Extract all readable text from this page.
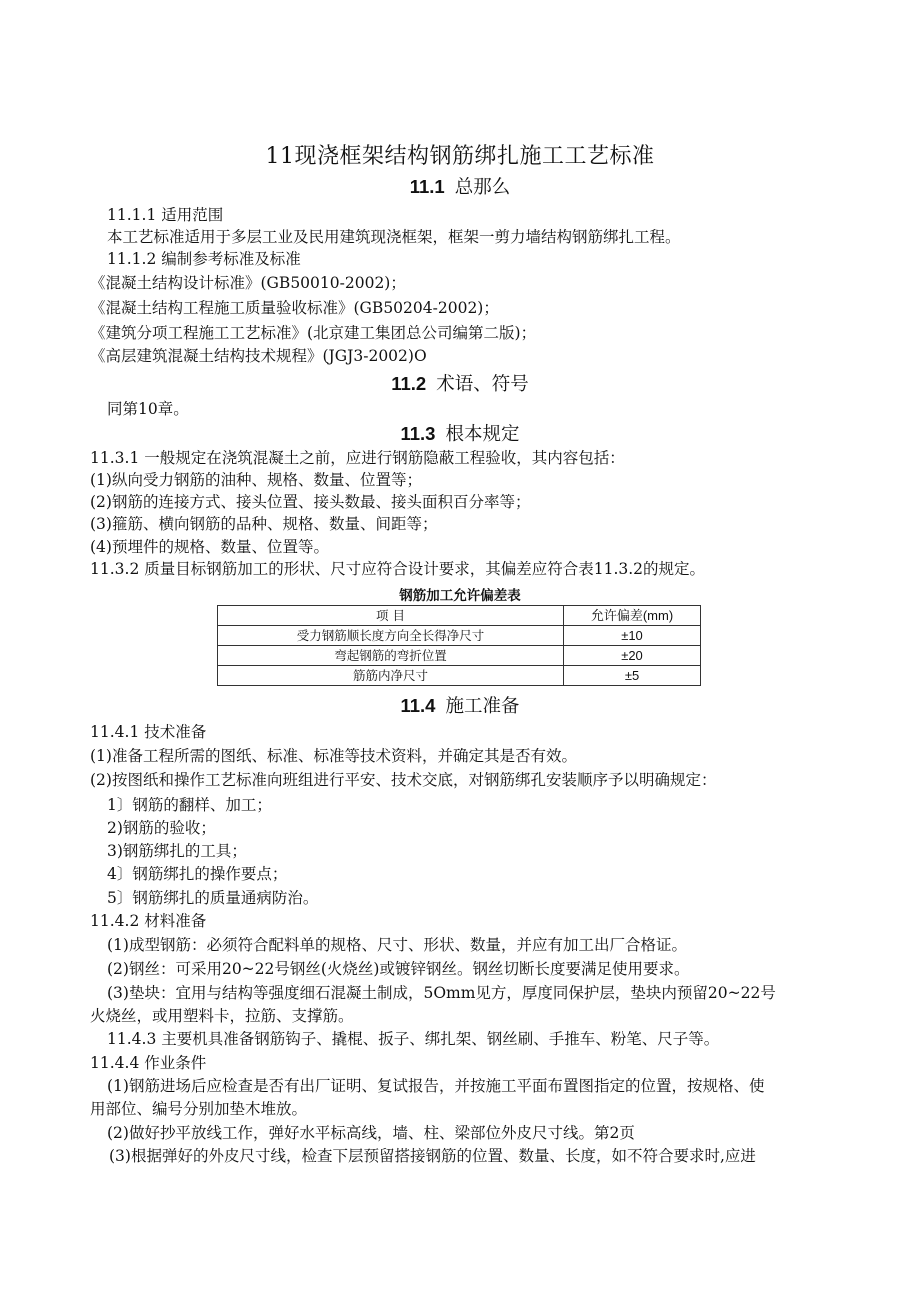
11现浇框架结构钢筋绑扎施工工艺标准
11.1 总那么
11.1.1 适用范围
本工艺标准适用于多层工业及民用建筑现浇框架，框架一剪力墙结构钢筋绑扎工程。
11.1.2 编制参考标准及标准
《混凝土结构设计标准》(GB50010-2002)；
《混凝土结构工程施工质量验收标准》(GB50204-2002)；
《建筑分项工程施工工艺标准》(北京建工集团总公司编第二版)；
《高层建筑混凝土结构技术规程》(JGJ3-2002)O
11.2 术语、符号
同第10章。
11.3 根本规定
11.3.1 一般规定在浇筑混凝土之前，应进行钢筋隐蔽工程验收，其内容包括：
(1)纵向受力钢筋的油种、规格、数量、位置等；
(2)钢筋的连接方式、接头位置、接头数最、接头面积百分率等；
(3)箍筋、横向钢筋的品种、规格、数量、间距等；
(4)预埋件的规格、数量、位置等。
11.3.2 质量目标钢筋加工的形状、尺寸应符合设计要求，其偏差应符合表11.3.2的规定。
钢筋加工允许偏差表
项 目	允许偏差(mm)
受力钢筋顺长度方向全长得净尺寸	±10
弯起钢筋的弯折位置	±20
筋筋内净尺寸	±5
11.4 施工准备
11.4.1 技术准备
(1)准备工程所需的图纸、标准、标准等技术资料，并确定其是否有效。
(2)按图纸和操作工艺标准向班组进行平安、技术交底，对钢筋绑孔安装顺序予以明确规定：
1〕钢筋的翻样、加工；
2)钢筋的验收；
3)钢筋绑扎的工具；
4〕钢筋绑扎的操作要点；
5〕钢筋绑扎的质量通病防治。
11.4.2 材料准备
(1)成型钢筋：必须符合配料单的规格、尺寸、形状、数量，并应有加工出厂合格证。
(2)钢丝：可采用20~22号钢丝(火烧丝)或镀锌钢丝。钢丝切断长度要满足使用要求。
(3)垫块：宜用与结构等强度细石混凝土制成，5Omm见方，厚度同保护层，垫块内预留20~22号
火烧丝，或用塑料卡，拉筋、支撑筋。
11.4.3 主要机具准备钢筋钩子、撬棍、扳子、绑扎架、钢丝刷、手推车、粉笔、尺子等。
11.4.4 作业条件
(1)钢筋进场后应检查是否有出厂证明、复试报告，并按施工平面布置图指定的位置，按规格、使
用部位、编号分别加垫木堆放。
(2)做好抄平放线工作，弹好水平标高线，墙、柱、梁部位外皮尺寸线。第2页
(3)根据弹好的外皮尺寸线，检查下层预留搭接钢筋的位置、数量、长度，如不符合要求时,应进
